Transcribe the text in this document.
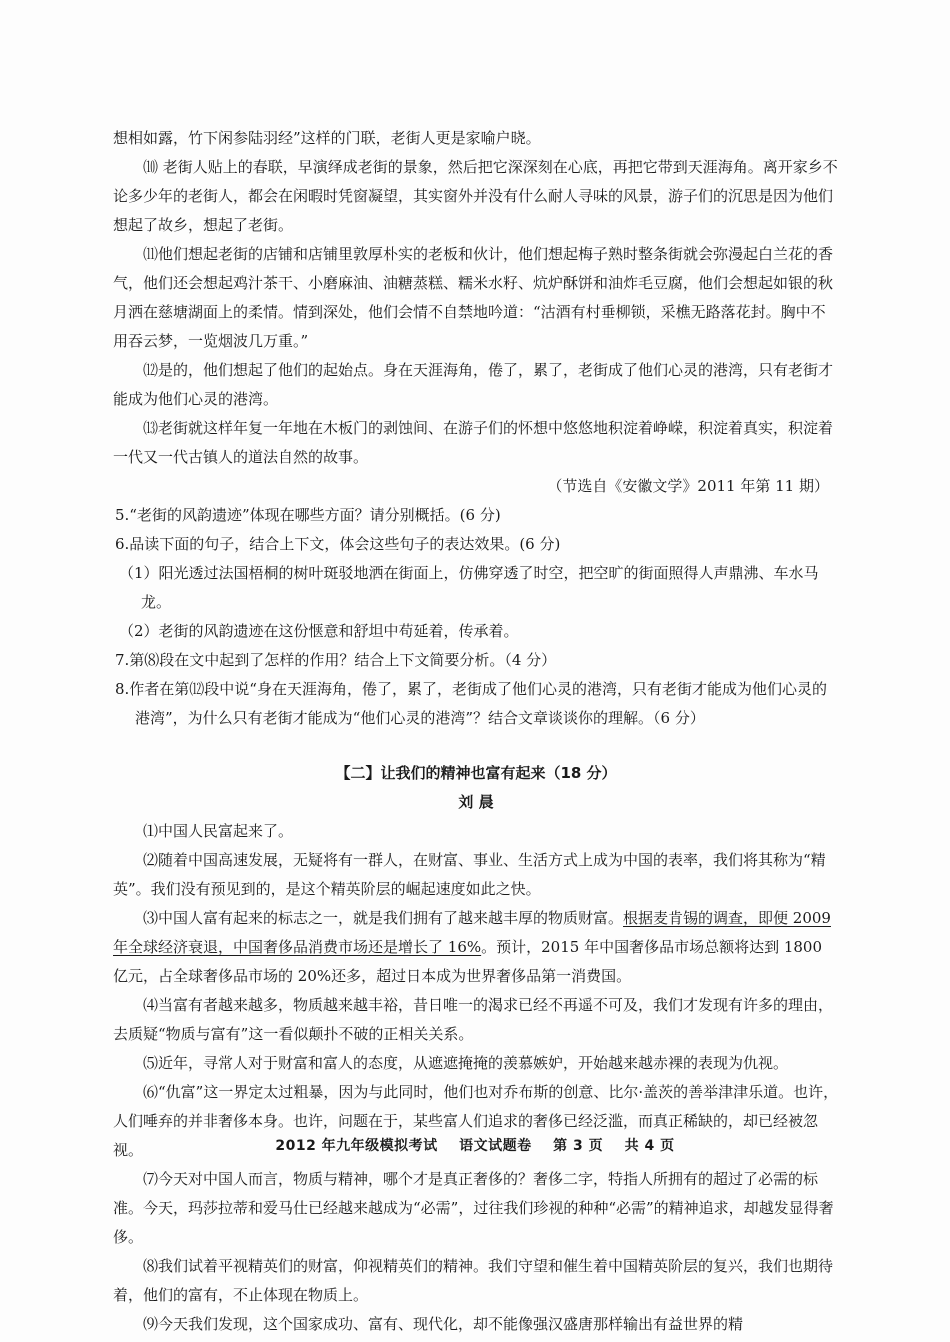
想相如露，竹下闲参陆羽经”这样的门联，老街人更是家喻户晓。

⑽ 老街人贴上的春联，早演绎成老街的景象，然后把它深深刻在心底，再把它带到天涯海角。离开家乡不论多少年的老街人，都会在闲暇时凭窗凝望，其实窗外并没有什么耐人寻味的风景，游子们的沉思是因为他们想起了故乡，想起了老街。

⑾他们想起老街的店铺和店铺里敦厚朴实的老板和伙计，他们想起梅子熟时整条街就会弥漫起白兰花的香气，他们还会想起鸡汁茶干、小磨麻油、油糖蒸糕、糯米水籽、炕炉酥饼和油炸毛豆腐，他们会想起如银的秋月洒在慈塘湖面上的柔情。情到深处，他们会情不自禁地吟道：“沽酒有村垂柳锁，采樵无路落花封。胸中不用吞云梦，一览烟波几万重。”

⑿是的，他们想起了他们的起始点。身在天涯海角，倦了，累了，老街成了他们心灵的港湾，只有老街才能成为他们心灵的港湾。

⒀老街就这样年复一年地在木板门的剥蚀间、在游子们的怀想中悠悠地积淀着峥嵘，积淀着真实，积淀着一代又一代古镇人的道法自然的故事。

（节选自《安徽文学》2011 年第 11 期）

5.“老街的风韵遗迹”体现在哪些方面？请分别概括。(6 分)

6.品读下面的句子，结合上下文，体会这些句子的表达效果。(6 分)

（1）阳光透过法国梧桐的树叶斑驳地洒在街面上，仿佛穿透了时空，把空旷的街面照得人声鼎沸、车水马龙。

（2）老街的风韵遗迹在这份惬意和舒坦中苟延着，传承着。

7.第⑻段在文中起到了怎样的作用？结合上下文简要分析。（4 分）

8.作者在第⑿段中说“身在天涯海角，倦了，累了，老街成了他们心灵的港湾，只有老街才能成为他们心灵的港湾”，为什么只有老街才能成为“他们心灵的港湾”？结合文章谈谈你的理解。（6 分）

【二】让我们的精神也富有起来（18 分）

刘 晨

⑴中国人民富起来了。

⑵随着中国高速发展，无疑将有一群人，在财富、事业、生活方式上成为中国的表率，我们将其称为“精英”。我们没有预见到的，是这个精英阶层的崛起速度如此之快。

⑶中国人富有起来的标志之一，就是我们拥有了越来越丰厚的物质财富。根据麦肯锡的调查，即便 2009 年全球经济衰退，中国奢侈品消费市场还是增长了 16%。预计，2015 年中国奢侈品市场总额将达到 1800 亿元，占全球奢侈品市场的 20%还多，超过日本成为世界奢侈品第一消费国。

⑷当富有者越来越多，物质越来越丰裕，昔日唯一的渴求已经不再遥不可及，我们才发现有许多的理由，去质疑“物质与富有”这一看似颠扑不破的正相关关系。

⑸近年，寻常人对于财富和富人的态度，从遮遮掩掩的羡慕嫉妒，开始越来越赤裸的表现为仇视。

⑹“仇富”这一界定太过粗暴，因为与此同时，他们也对乔布斯的创意、比尔·盖茨的善举津津乐道。也许，人们唾弃的并非奢侈本身。也许，问题在于，某些富人们追求的奢侈已经泛滥，而真正稀缺的，却已经被忽视。

⑺今天对中国人而言，物质与精神，哪个才是真正奢侈的？奢侈二字，特指人所拥有的超过了必需的标准。今天，玛莎拉蒂和爱马仕已经越来越成为“必需”，过往我们珍视的种种“必需”的精神追求，却越发显得奢侈。

⑻我们试着平视精英们的财富，仰视精英们的精神。我们守望和催生着中国精英阶层的复兴，我们也期待着，他们的富有，不止体现在物质上。

⑼今天我们发现，这个国家成功、富有、现代化，却不能像强汉盛唐那样输出有益世界的精

2012 年九年级模拟考试    语文试题卷    第 3 页    共 4 页
